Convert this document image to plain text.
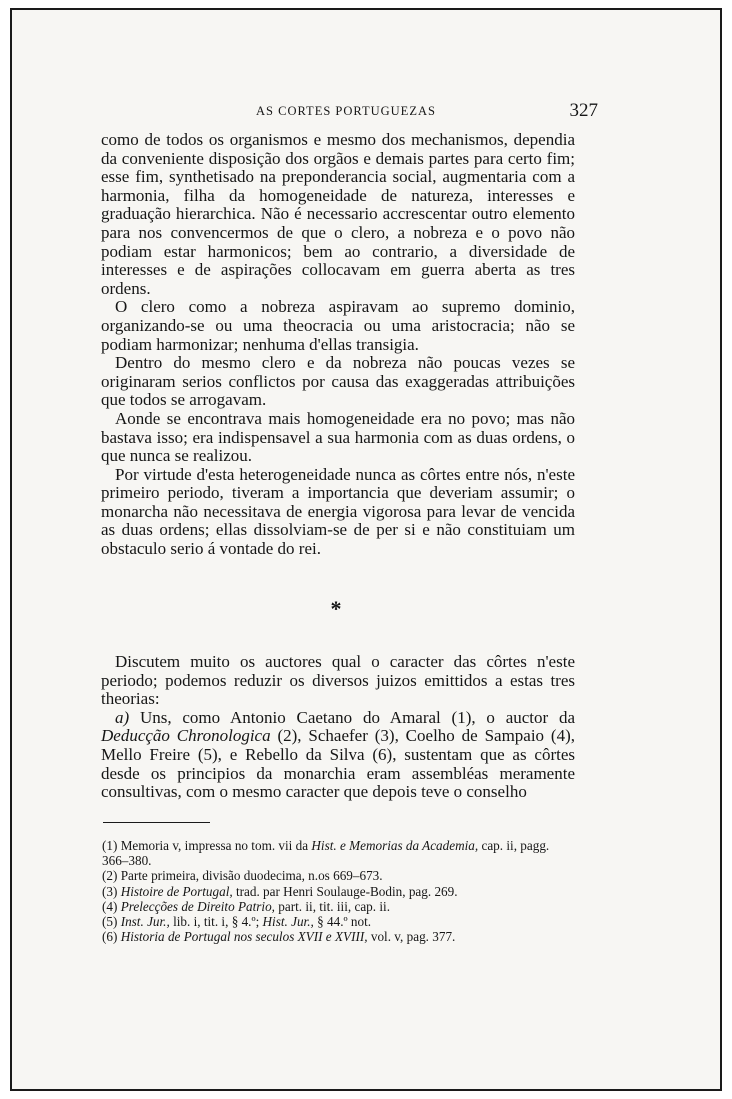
AS CORTES PORTUGUEZAS	327

como de todos os organismos e mesmo dos mechanismos, dependia da conveniente disposição dos orgãos e demais partes para certo fim; esse fim, synthetisado na preponderancia social, augmentaria com a harmonia, filha da homogeneidade de natureza, interesses e graduação hierarchica. Não é necessario accrescentar outro elemento para nos convencermos de que o clero, a nobreza e o povo não podiam estar harmonicos; bem ao contrario, a diversidade de interesses e de aspirações collocavam em guerra aberta as tres ordens.

O clero como a nobreza aspiravam ao supremo dominio, organizando-se ou uma theocracia ou uma aristocracia; não se podiam harmonizar; nenhuma d'ellas transigia.

Dentro do mesmo clero e da nobreza não poucas vezes se originaram serios conflictos por causa das exaggeradas attribuições que todos se arrogavam.

Aonde se encontrava mais homogeneidade era no povo; mas não bastava isso; era indispensavel a sua harmonia com as duas ordens, o que nunca se realizou.

Por virtude d'esta heterogeneidade nunca as côrtes entre nós, n'este primeiro periodo, tiveram a importancia que deveriam assumir; o monarcha não necessitava de energia vigorosa para levar de vencida as duas ordens; ellas dissolviam-se de per si e não constituiam um obstaculo serio á vontade do rei.

*

Discutem muito os auctores qual o caracter das côrtes n'este periodo; podemos reduzir os diversos juizos emittidos a estas tres theorias:

a) Uns, como Antonio Caetano do Amaral (1), o auctor da Deducção Chronologica (2), Schaefer (3), Coelho de Sampaio (4), Mello Freire (5), e Rebello da Silva (6), sustentam que as côrtes desde os principios da monarchia eram assembléas meramente consultivas, com o mesmo caracter que depois teve o conselho

(1) Memoria v, impressa no tom. vii da Hist. e Memorias da Academia, cap. ii, pagg. 366–380.

(2) Parte primeira, divisão duodecima, n.os 669–673.

(3) Histoire de Portugal, trad. par Henri Soulauge-Bodin, pag. 269.

(4) Prelecções de Direito Patrio, part. ii, tit. iii, cap. ii.

(5) Inst. Jur., lib. i, tit. i, § 4.º; Hist. Jur., § 44.º not.

(6) Historia de Portugal nos seculos XVII e XVIII, vol. v, pag. 377.
